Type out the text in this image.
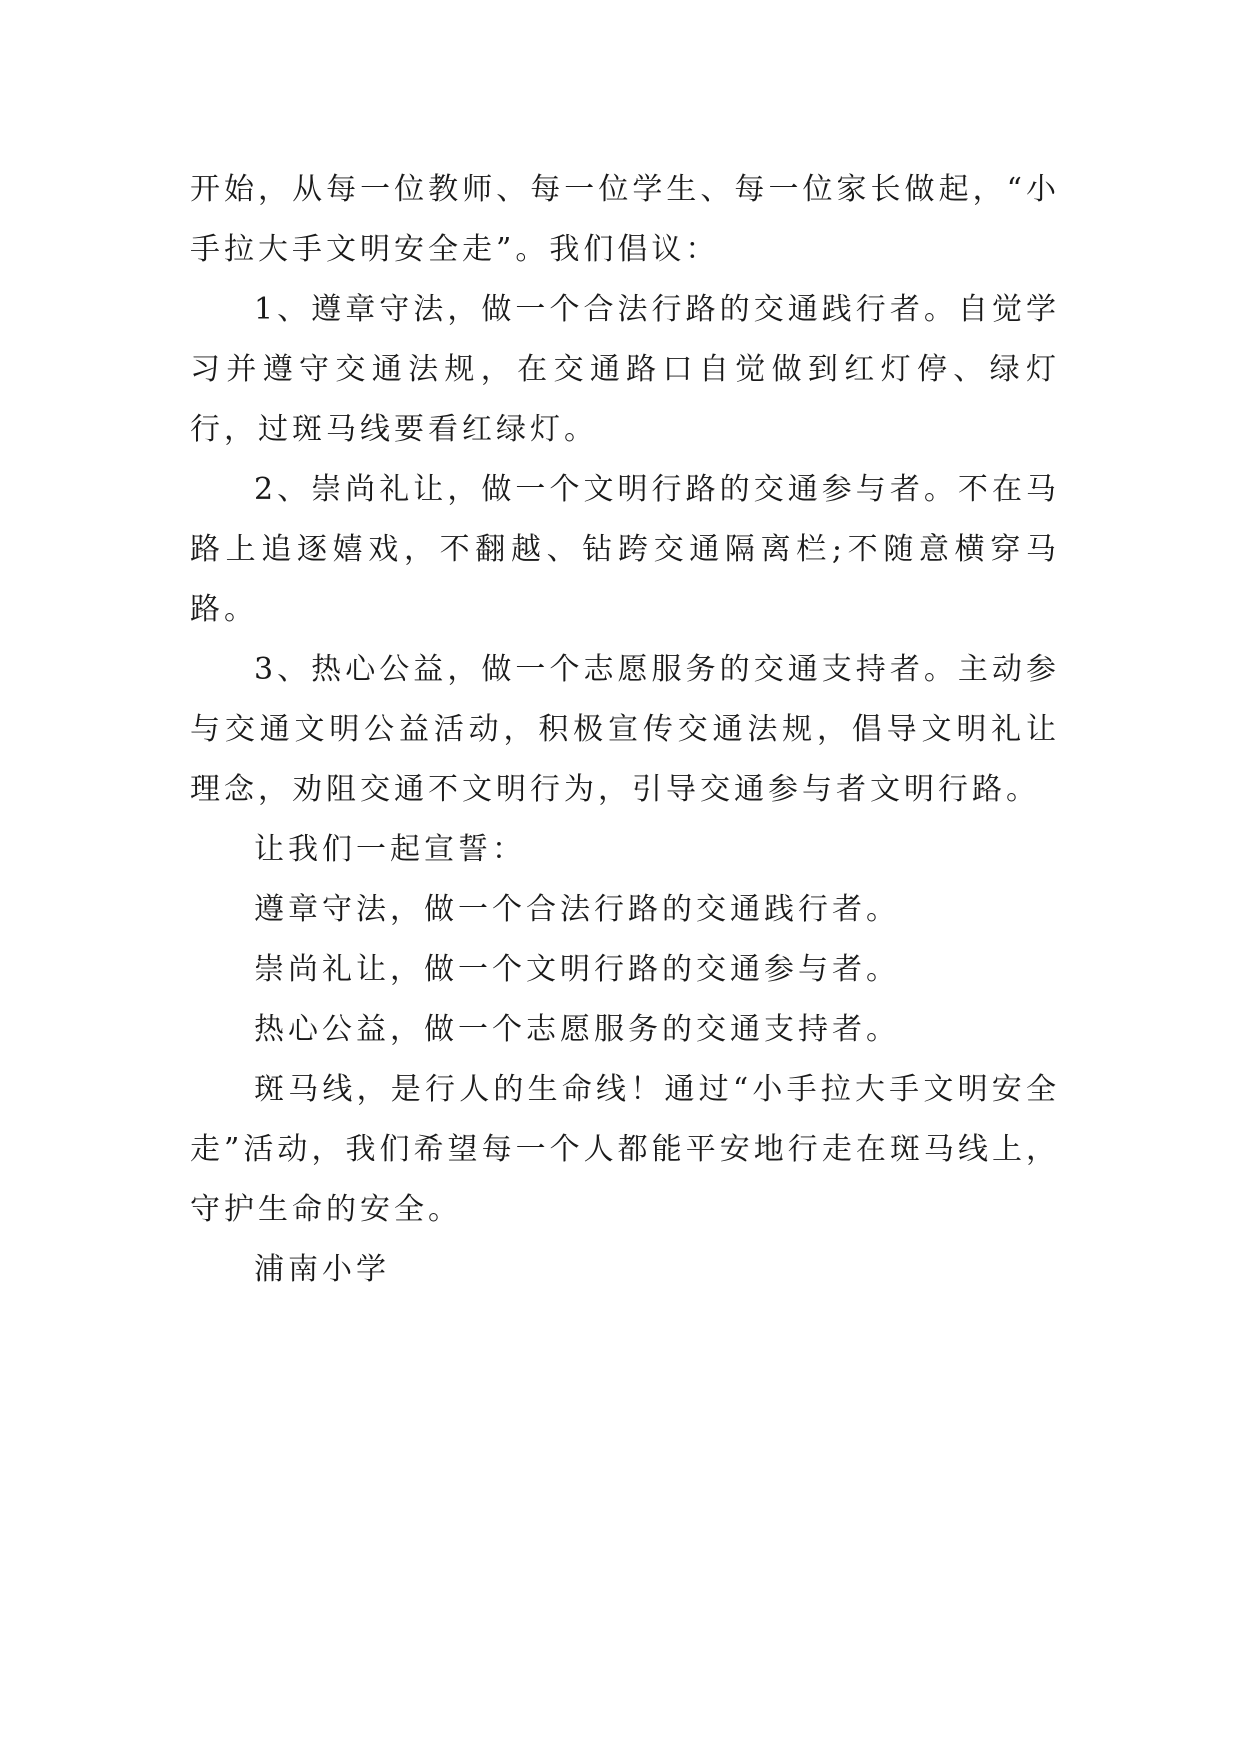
开始，从每一位教师、每一位学生、每一位家长做起，“小手拉大手文明安全走”。我们倡议：

1、遵章守法，做一个合法行路的交通践行者。自觉学习并遵守交通法规，在交通路口自觉做到红灯停、绿灯行，过斑马线要看红绿灯。

2、崇尚礼让，做一个文明行路的交通参与者。不在马路上追逐嬉戏，不翻越、钻跨交通隔离栏;不随意横穿马路。

3、热心公益，做一个志愿服务的交通支持者。主动参与交通文明公益活动，积极宣传交通法规，倡导文明礼让理念，劝阻交通不文明行为，引导交通参与者文明行路。

让我们一起宣誓：

遵章守法，做一个合法行路的交通践行者。

崇尚礼让，做一个文明行路的交通参与者。

热心公益，做一个志愿服务的交通支持者。

斑马线，是行人的生命线！通过“小手拉大手文明安全走”活动，我们希望每一个人都能平安地行走在斑马线上，守护生命的安全。

浦南小学
